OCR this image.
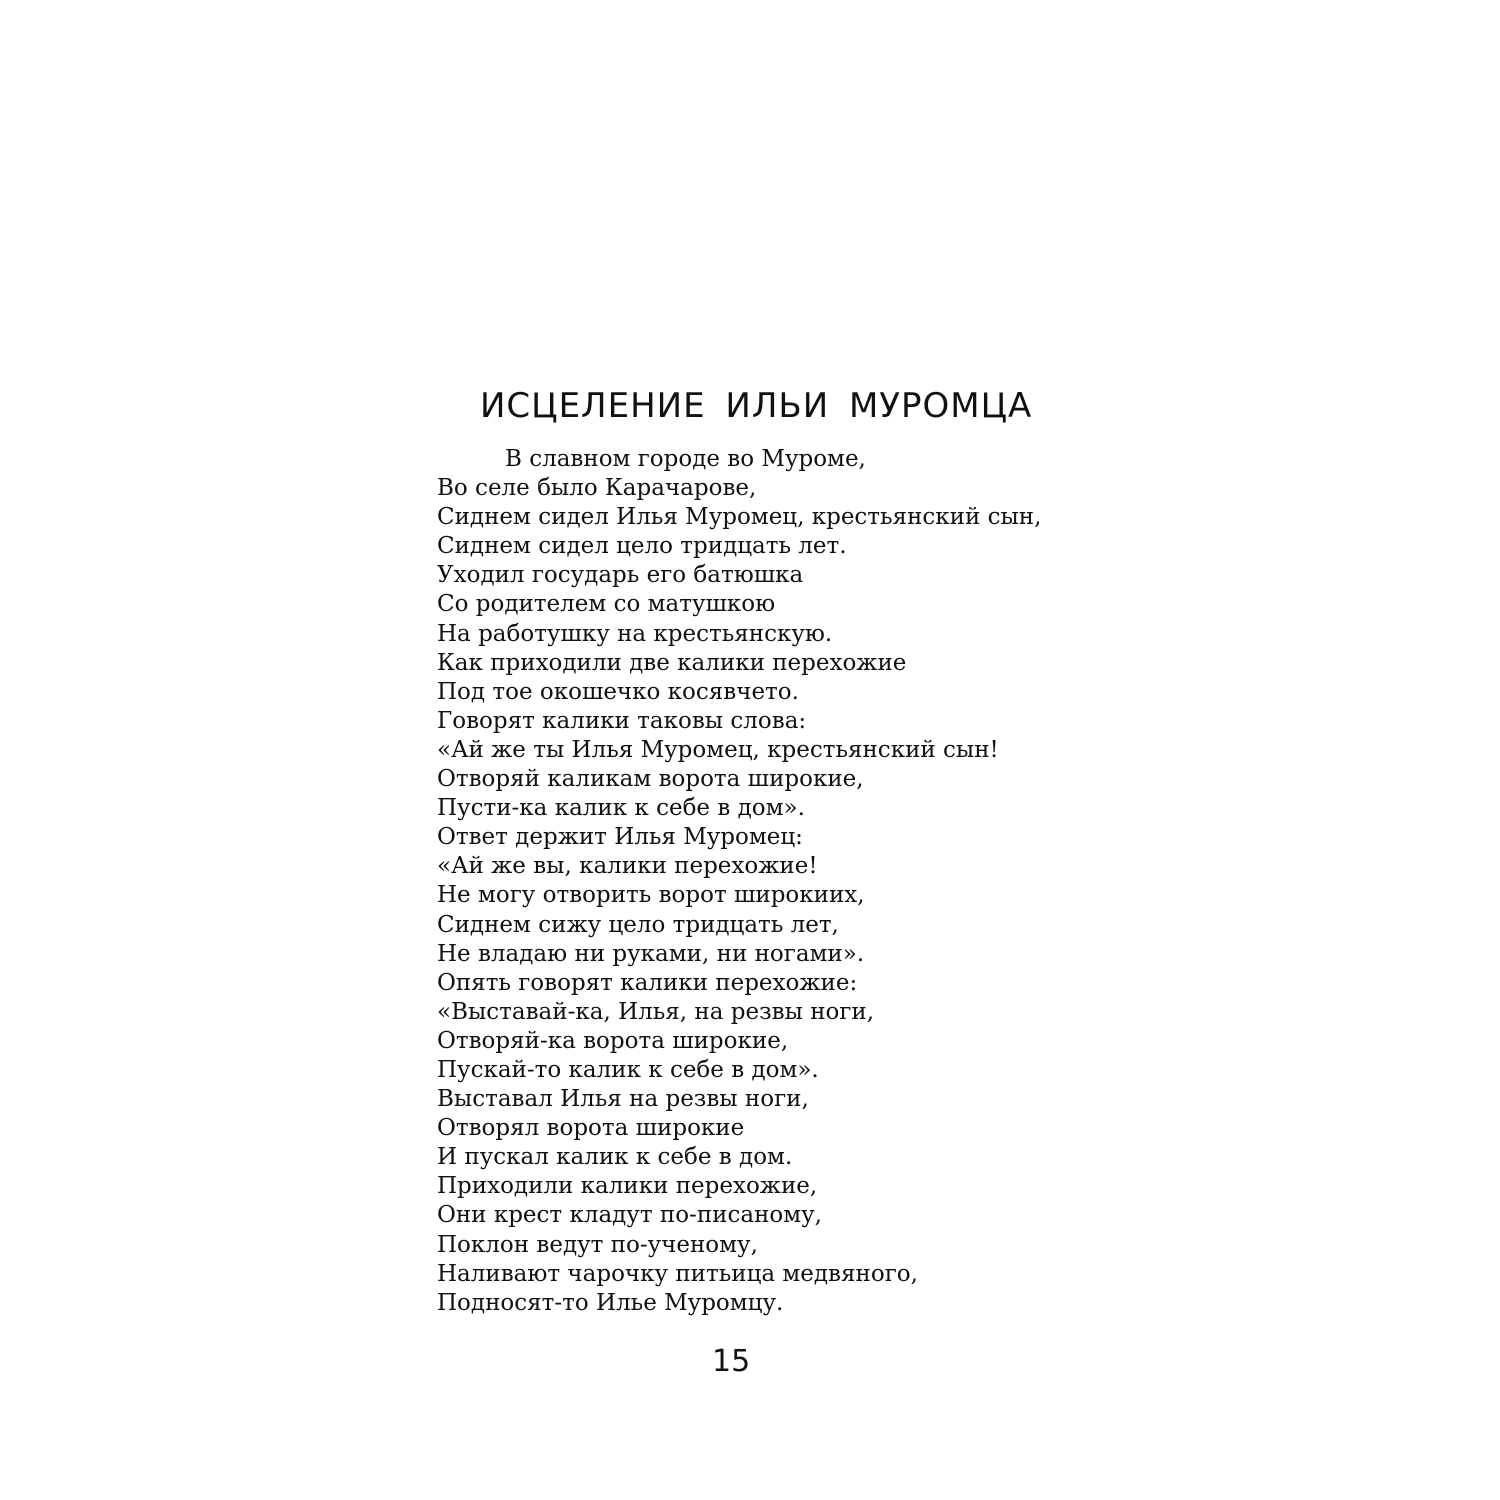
ИСЦЕЛЕНИЕ ИЛЬИ МУРОМЦА
В славном городе во Муроме,
Во селе было Карачарове,
Сиднем сидел Илья Муромец, крестьянский сын,
Сиднем сидел цело тридцать лет.
Уходил государь его батюшка
Со родителем со матушкою
На работушку на крестьянскую.
Как приходили две калики перехожие
Под тое окошечко косявчето.
Говорят калики таковы слова:
«Ай же ты Илья Муромец, крестьянский сын!
Отворяй каликам ворота широкие,
Пусти-ка калик к себе в дом».
Ответ держит Илья Муромец:
«Ай же вы, калики перехожие!
Не могу отворить ворот широкиих,
Сиднем сижу цело тридцать лет,
Не владаю ни руками, ни ногами».
Опять говорят калики перехожие:
«Выставай-ка, Илья, на резвы ноги,
Отворяй-ка ворота широкие,
Пускай-то калик к себе в дом».
Выставал Илья на резвы ноги,
Отворял ворота широкие
И пускал калик к себе в дом.
Приходили калики перехожие,
Они крест кладут по-писаному,
Поклон ведут по-ученому,
Наливают чарочку питьица медвяного,
Подносят-то Илье Муромцу.
15
